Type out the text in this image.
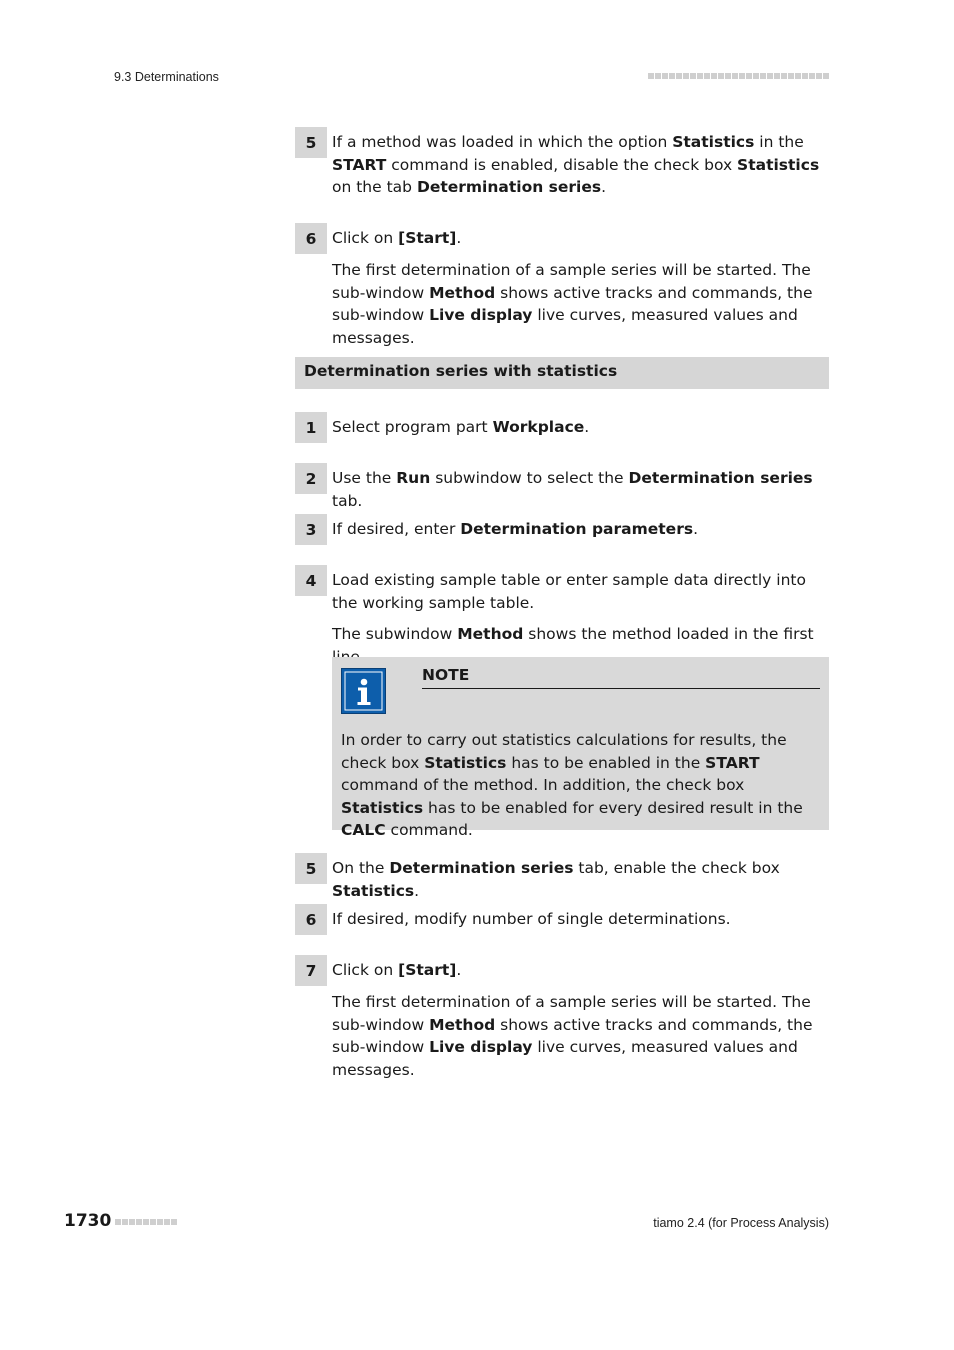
9.3 Determinations
5	If a method was loaded in which the option Statistics in the START command is enabled, disable the check box Statistics on the tab Determination series.
6	Click on [Start].
The first determination of a sample series will be started. The sub-window Method shows active tracks and commands, the sub-window Live display live curves, measured values and messages.
Determination series with statistics
1	Select program part Workplace.
2	Use the Run subwindow to select the Determination series tab.
3	If desired, enter Determination parameters.
4	Load existing sample table or enter sample data directly into the working sample table.
The subwindow Method shows the method loaded in the first
NOTE
In order to carry out statistics calculations for results, the check box Statistics has to be enabled in the START command of the method. In addition, the check box Statistics has to be enabled for every desired result in the CALC command.
5	On the Determination series tab, enable the check box Statistics.
6	If desired, modify number of single determinations.
7	Click on [Start].
The first determination of a sample series will be started. The sub-window Method shows active tracks and commands, the sub-window Live display live curves, measured values and messages.
1730	tiamo 2.4 (for Process Analysis)
